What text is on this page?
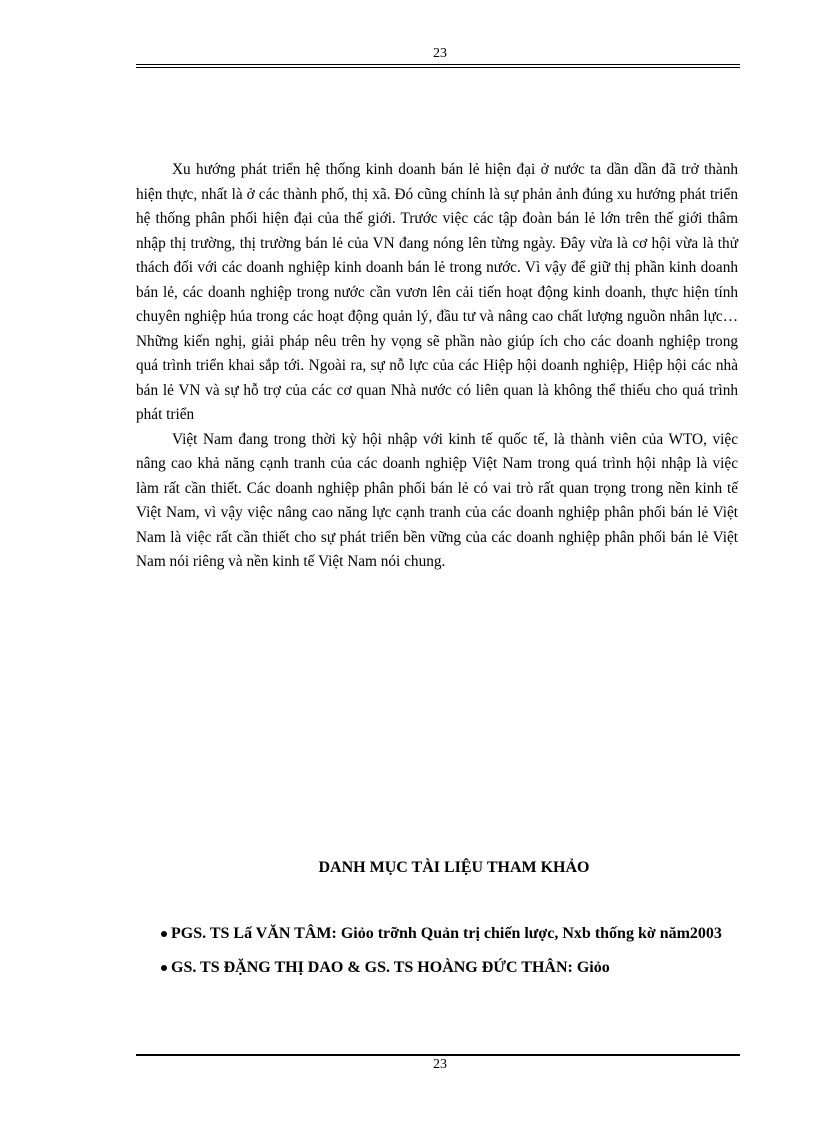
23

Xu hướng phát triển hệ thống kinh doanh bán lẻ hiện đại ở nước ta dần dần đã trở thành hiện thực, nhất là ở các thành phố, thị xã. Đó cũng chính là sự phản ảnh đúng xu hướng phát triển hệ thống phân phối hiện đại của thế giới. Trước việc các tập đoàn bán lẻ lớn trên thế giới thâm nhập thị trường, thị trường bán lẻ của VN đang nóng lên từng ngày. Đây vừa là cơ hội vừa là thử thách đối với các doanh nghiệp kinh doanh bán lẻ trong nước. Vì vậy để giữ thị phần kinh doanh bán lẻ, các doanh nghiệp trong nước cần vươn lên cải tiến hoạt động kinh doanh, thực hiện tính chuyên nghiệp húa trong các hoạt động quản lý, đầu tư và nâng cao chất lượng nguồn nhân lực… Những kiến nghị, giải pháp nêu trên hy vọng sẽ phần nào giúp ích cho các doanh nghiệp trong quá trình triển khai sắp tới. Ngoài ra, sự nỗ lực của các Hiệp hội doanh nghiệp, Hiệp hội các nhà bán lẻ VN và sự hỗ trợ của các cơ quan Nhà nước có liên quan là không thể thiếu cho quá trình phát triển

Việt Nam đang trong thời kỳ hội nhập với kinh tế quốc tế, là thành viên của WTO, việc nâng cao khả năng cạnh tranh của các doanh nghiệp Việt Nam trong quá trình hội nhập là việc làm rất cần thiết. Các doanh nghiệp phân phối bán lẻ có vai trò rất quan trọng trong nền kinh tế Việt Nam, vì vậy việc nâng cao năng lực cạnh tranh của các doanh nghiệp phân phối bán lẻ Việt Nam là việc rất cần thiết cho sự phát triển bền vững của các doanh nghiệp phân phối bán lẻ Việt Nam nói riêng và nền kinh tế Việt Nam nói chung.

DANH MỤC TÀI LIỆU THAM KHẢO
PGS. TS Lấ VĂN TÂM: Giỏo trỡnh Quản trị chiến lược, Nxb thống kờ năm2003
GS. TS ĐẶNG THỊ DAO & GS. TS HOÀNG ĐỨC THÂN: Giỏo
23
